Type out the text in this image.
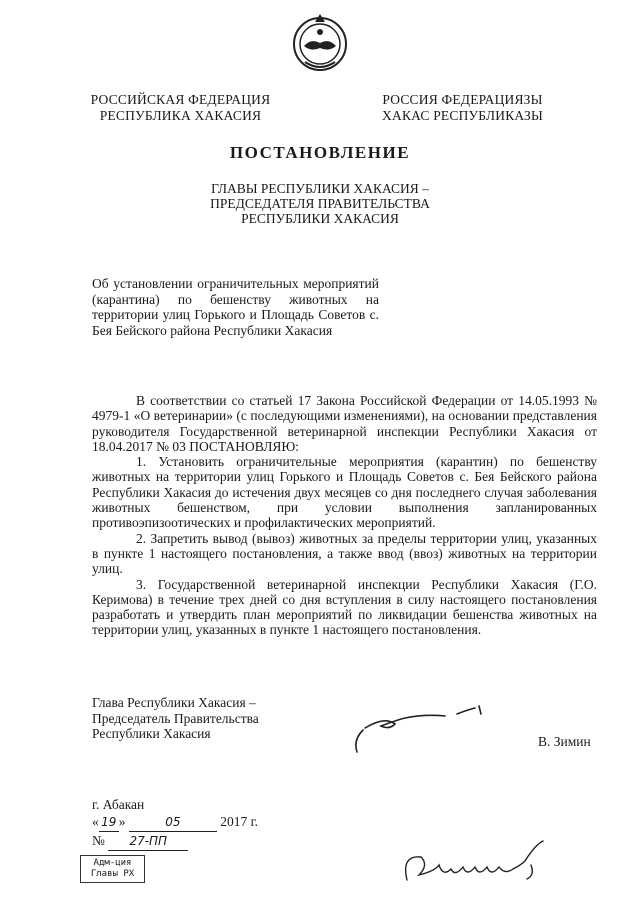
РОССИЙСКАЯ ФЕДЕРАЦИЯ
РЕСПУБЛИКА ХАКАСИЯ
РОССИЯ ФЕДЕРАЦИЯЗЫ
ХАКАС РЕСПУБЛИКАЗЫ
ПОСТАНОВЛЕНИЕ
ГЛАВЫ РЕСПУБЛИКИ ХАКАСИЯ –
ПРЕДСЕДАТЕЛЯ ПРАВИТЕЛЬСТВА
РЕСПУБЛИКИ ХАКАСИЯ
Об установлении ограничительных мероприятий (карантина) по бешенству животных на территории улиц Горького и Площадь Советов с. Бея Бейского района Республики Хакасия

В соответствии со статьей 17 Закона Российской Федерации от 14.05.1993 № 4979-1 «О ветеринарии» (с последующими изменениями), на основании представления руководителя Государственной ветеринарной инспекции Республики Хакасия от 18.04.2017 № 03 ПОСТАНОВЛЯЮ:

1. Установить ограничительные мероприятия (карантин) по бешенству животных на территории улиц Горького и Площадь Советов с. Бея Бейского района Республики Хакасия до истечения двух месяцев со дня последнего случая заболевания животных бешенством, при условии выполнения запланированных противоэпизоотических и профилактических мероприятий.

2. Запретить вывод (вывоз) животных за пределы территории улиц, указанных в пункте 1 настоящего постановления, а также ввод (ввоз) животных на территории улиц.

3. Государственной ветеринарной инспекции Республики Хакасия (Г.О. Керимова) в течение трех дней со дня вступления в силу настоящего постановления разработать и утвердить план мероприятий по ликвидации бешенства животных на территории улиц, указанных в пункте 1 настоящего постановления.

Глава Республики Хакасия –
Председатель Правительства
Республики Хакасия
В. Зимин
г. Абакан
« 19 »	05	2017 г.
№ 27-ПП
Адм-ция
Главы РХ
